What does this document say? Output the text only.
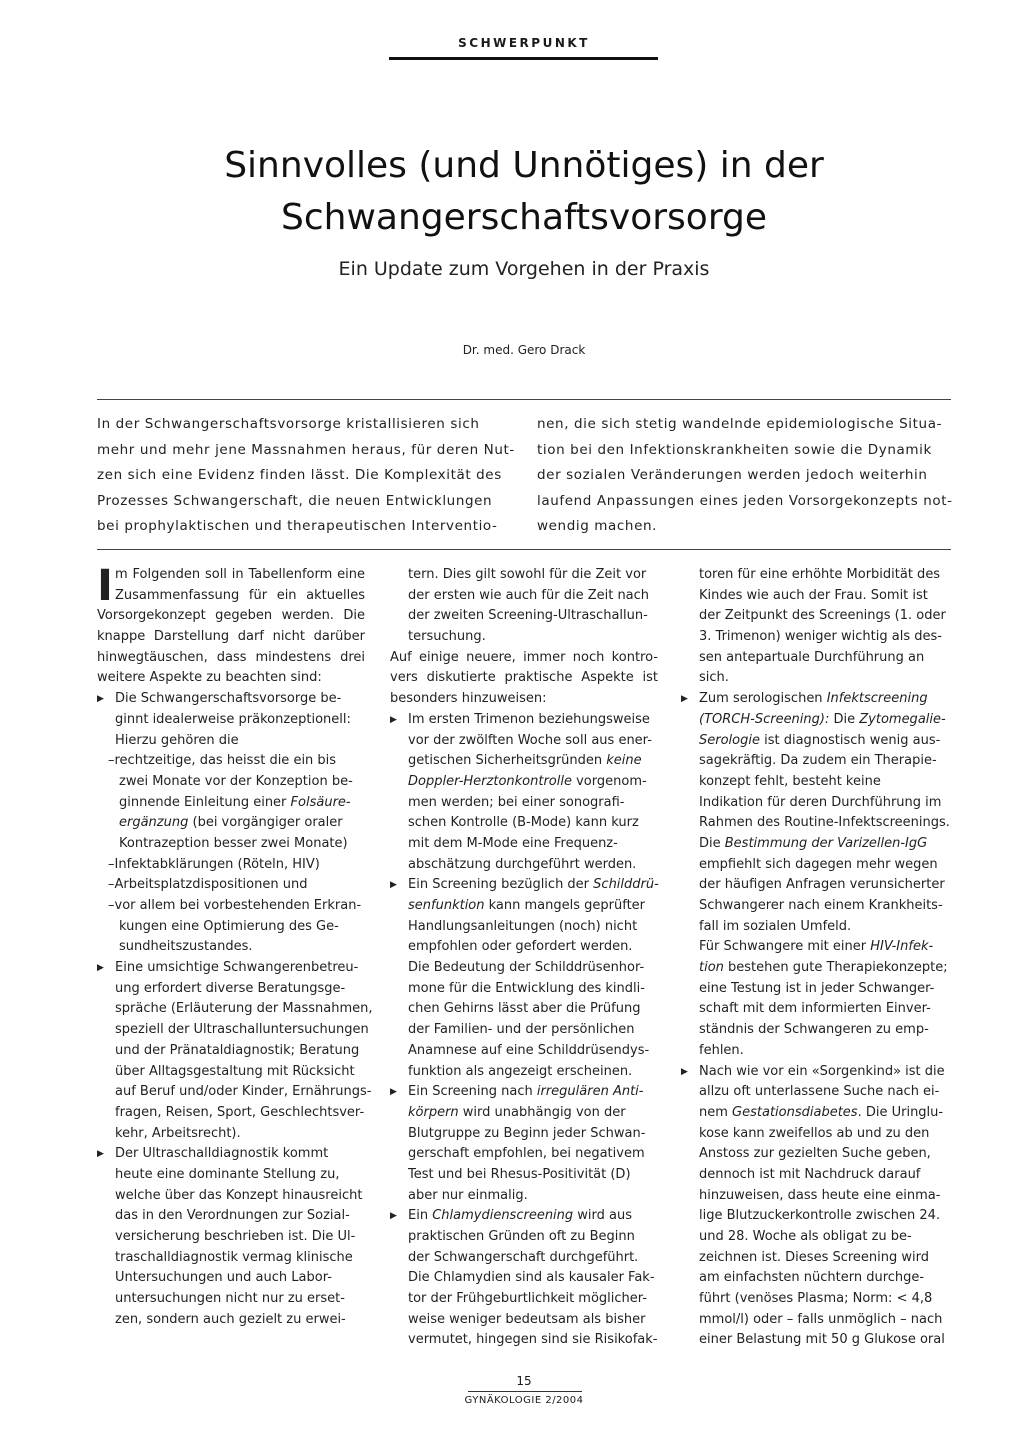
SCHWERPUNKT
Sinnvolles (und Unnötiges) in der
Schwangerschaftsvorsorge
Ein Update zum Vorgehen in der Praxis
Dr. med. Gero Drack
In der Schwangerschaftsvorsorge kristallisieren sich
mehr und mehr jene Massnahmen heraus, für deren Nut-
zen sich eine Evidenz finden lässt. Die Komplexität des
Prozesses Schwangerschaft, die neuen Entwicklungen
bei prophylaktischen und therapeutischen Interventio-
nen, die sich stetig wandelnde epidemiologische Situa-
tion bei den Infektionskrankheiten sowie die Dynamik
der sozialen Veränderungen werden jedoch weiterhin
laufend Anpassungen eines jeden Vorsorgekonzepts not-
wendig machen.
I m Folgenden soll in Tabellenform eine
Zusammenfassung für ein aktuelles
Vorsorgekonzept gegeben werden. Die
knappe Darstellung darf nicht darüber
hinwegtäuschen, dass mindestens drei
weitere Aspekte zu beachten sind:
▶ Die Schwangerschaftsvorsorge be-
ginnt idealerweise präkonzeptionell:
Hierzu gehören die
–rechtzeitige, das heisst die ein bis
zwei Monate vor der Konzeption be-
ginnende Einleitung einer Folsäure-
ergänzung (bei vorgängiger oraler
Kontrazeption besser zwei Monate)
–Infektabklärungen (Röteln, HIV)
–Arbeitsplatzdispositionen und
–vor allem bei vorbestehenden Erkran-
kungen eine Optimierung des Ge-
sundheitszustandes.
▶ Eine umsichtige Schwangerenbetreu-
ung erfordert diverse Beratungsge-
spräche (Erläuterung der Massnahmen,
speziell der Ultraschalluntersuchungen
und der Pränataldiagnostik; Beratung
über Alltagsgestaltung mit Rücksicht
auf Beruf und/oder Kinder, Ernährungs-
fragen, Reisen, Sport, Geschlechtsver-
kehr, Arbeitsrecht).
▶ Der Ultraschalldiagnostik kommt
heute eine dominante Stellung zu,
welche über das Konzept hinausreicht
das in den Verordnungen zur Sozial-
versicherung beschrieben ist. Die Ul-
traschalldiagnostik vermag klinische
Untersuchungen und auch Labor-
untersuchungen nicht nur zu erset-
zen, sondern auch gezielt zu erwei-
tern. Dies gilt sowohl für die Zeit vor
der ersten wie auch für die Zeit nach
der zweiten Screening-Ultraschallun-
tersuchung.
Auf einige neuere, immer noch kontro-
vers diskutierte praktische Aspekte ist
besonders hinzuweisen:
▶ Im ersten Trimenon beziehungsweise
vor der zwölften Woche soll aus ener-
getischen Sicherheitsgründen keine
Doppler-Herztonkontrolle vorgenom-
men werden; bei einer sonografi-
schen Kontrolle (B-Mode) kann kurz
mit dem M-Mode eine Frequenz-
abschätzung durchgeführt werden.
▶ Ein Screening bezüglich der Schilddrü-
senfunktion kann mangels geprüfter
Handlungsanleitungen (noch) nicht
empfohlen oder gefordert werden.
Die Bedeutung der Schilddrüsenhor-
mone für die Entwicklung des kindli-
chen Gehirns lässt aber die Prüfung
der Familien- und der persönlichen
Anamnese auf eine Schilddrüsendys-
funktion als angezeigt erscheinen.
▶ Ein Screening nach irregulären Anti-
körpern wird unabhängig von der
Blutgruppe zu Beginn jeder Schwan-
gerschaft empfohlen, bei negativem
Test und bei Rhesus-Positivität (D)
aber nur einmalig.
▶ Ein Chlamydienscreening wird aus
praktischen Gründen oft zu Beginn
der Schwangerschaft durchgeführt.
Die Chlamydien sind als kausaler Fak-
tor der Frühgeburtlichkeit möglicher-
weise weniger bedeutsam als bisher
vermutet, hingegen sind sie Risikofak-
toren für eine erhöhte Morbidität des
Kindes wie auch der Frau. Somit ist
der Zeitpunkt des Screenings (1. oder
3. Trimenon) weniger wichtig als des-
sen antepartuale Durchführung an
sich.
▶ Zum serologischen Infektscreening
(TORCH-Screening): Die Zytomegalie-
Serologie ist diagnostisch wenig aus-
sagekräftig. Da zudem ein Therapie-
konzept fehlt, besteht keine
Indikation für deren Durchführung im
Rahmen des Routine-Infektscreenings.
Die Bestimmung der Varizellen-IgG
empfiehlt sich dagegen mehr wegen
der häufigen Anfragen verunsicherter
Schwangerer nach einem Krankheits-
fall im sozialen Umfeld.
Für Schwangere mit einer HIV-Infek-
tion bestehen gute Therapiekonzepte;
eine Testung ist in jeder Schwanger-
schaft mit dem informierten Einver-
ständnis der Schwangeren zu emp-
fehlen.
▶ Nach wie vor ein «Sorgenkind» ist die
allzu oft unterlassene Suche nach ei-
nem Gestationsdiabetes. Die Uringlu-
kose kann zweifellos ab und zu den
Anstoss zur gezielten Suche geben,
dennoch ist mit Nachdruck darauf
hinzuweisen, dass heute eine einma-
lige Blutzuckerkontrolle zwischen 24.
und 28. Woche als obligat zu be-
zeichnen ist. Dieses Screening wird
am einfachsten nüchtern durchge-
führt (venöses Plasma; Norm: < 4,8
mmol/l) oder – falls unmöglich – nach
einer Belastung mit 50 g Glukose oral
15
GYNÄKOLOGIE 2/2004
